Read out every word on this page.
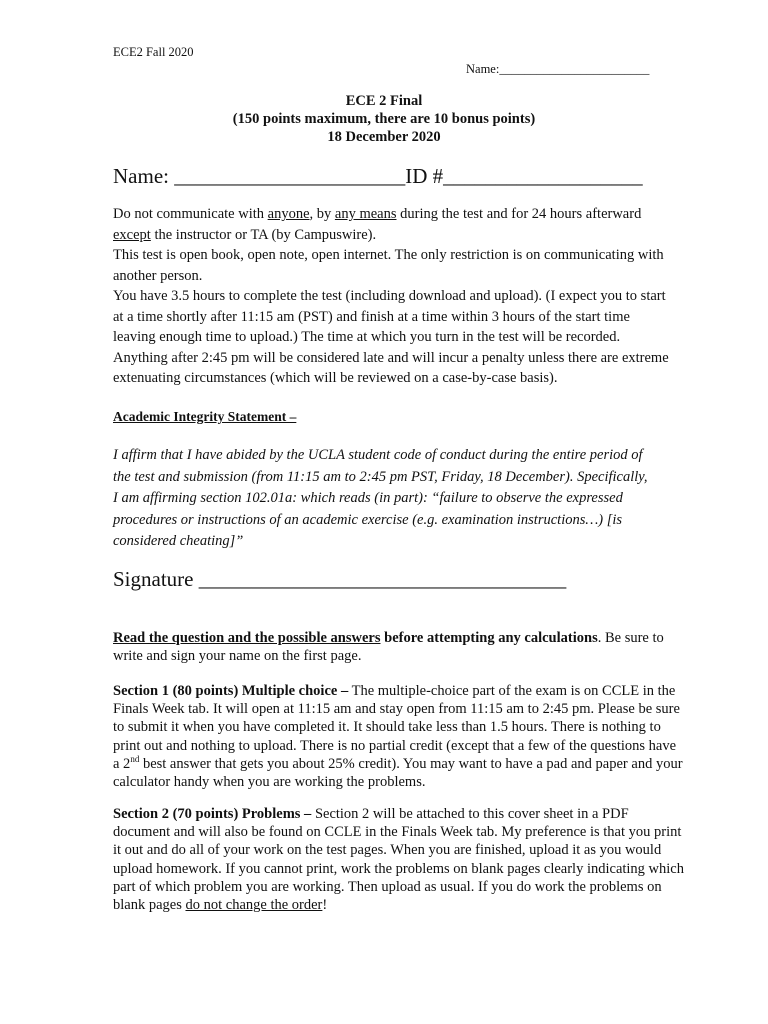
ECE2 Fall 2020
Name:________________________
ECE 2 Final
(150 points maximum, there are 10 bonus points)
18 December 2020
Name: ______________________ID #___________________

Do not communicate with anyone, by any means during the test and for 24 hours afterward except the instructor or TA (by Campuswire).

This test is open book, open note, open internet. The only restriction is on communicating with another person.

You have 3.5 hours to complete the test (including download and upload). (I expect you to start at a time shortly after 11:15 am (PST) and finish at a time within 3 hours of the start time leaving enough time to upload.) The time at which you turn in the test will be recorded. Anything after 2:45 pm will be considered late and will incur a penalty unless there are extreme extenuating circumstances (which will be reviewed on a case-by-case basis).

Academic Integrity Statement –

I affirm that I have abided by the UCLA student code of conduct during the entire period of the test and submission (from 11:15 am to 2:45 pm PST, Friday, 18 December). Specifically, I am affirming section 102.01a: which reads (in part): “failure to observe the expressed procedures or instructions of an academic exercise (e.g. examination instructions…) [is considered cheating]”

Signature ___________________________________

Read the question and the possible answers before attempting any calculations. Be sure to write and sign your name on the first page.

Section 1 (80 points) Multiple choice – The multiple-choice part of the exam is on CCLE in the Finals Week tab. It will open at 11:15 am and stay open from 11:15 am to 2:45 pm. Please be sure to submit it when you have completed it. It should take less than 1.5 hours. There is nothing to print out and nothing to upload. There is no partial credit (except that a few of the questions have a 2nd best answer that gets you about 25% credit). You may want to have a pad and paper and your calculator handy when you are working the problems.

Section 2 (70 points) Problems – Section 2 will be attached to this cover sheet in a PDF document and will also be found on CCLE in the Finals Week tab. My preference is that you print it out and do all of your work on the test pages. When you are finished, upload it as you would upload homework. If you cannot print, work the problems on blank pages clearly indicating which part of which problem you are working. Then upload as usual. If you do work the problems on blank pages do not change the order!
